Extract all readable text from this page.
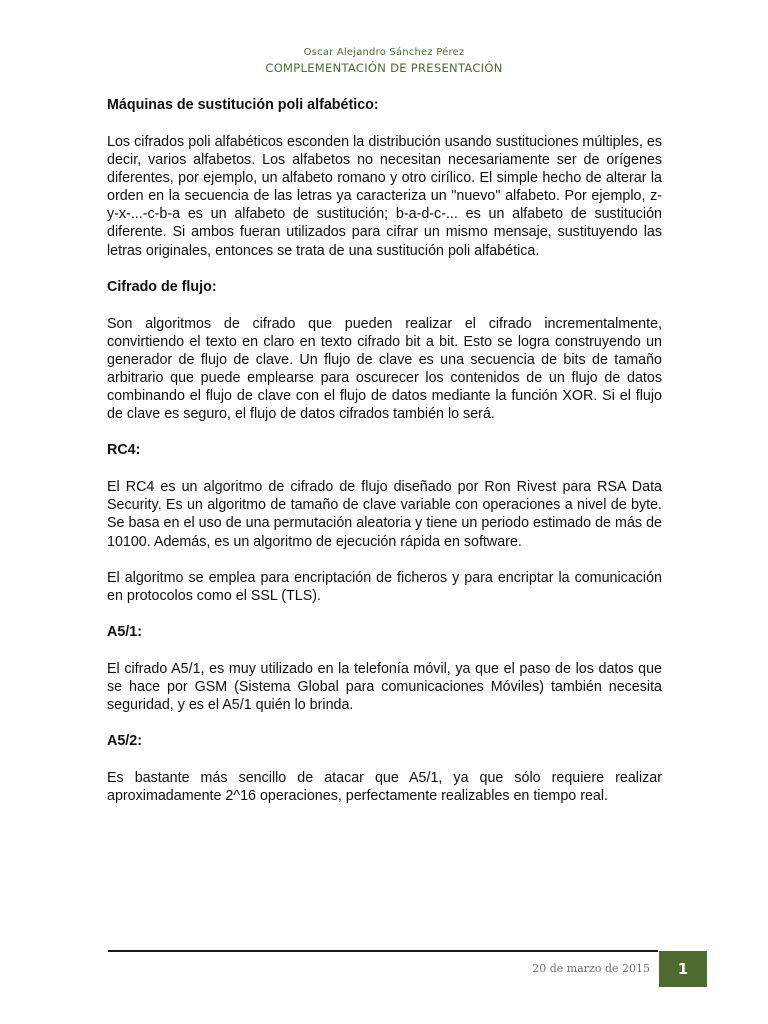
Oscar Alejandro Sánchez Pérez
COMPLEMENTACIÓN DE PRESENTACIÓN

Máquinas de sustitución poli alfabético:

Los cifrados poli alfabéticos esconden la distribución usando sustituciones múltiples, es decir, varios alfabetos. Los alfabetos no necesitan necesariamente ser de orígenes diferentes, por ejemplo, un alfabeto romano y otro cirílico. El simple hecho de alterar la orden en la secuencia de las letras ya caracteriza un "nuevo" alfabeto. Por ejemplo, z-y-x-...-c-b-a es un alfabeto de sustitución; b-a-d-c-... es un alfabeto de sustitución diferente. Si ambos fueran utilizados para cifrar un mismo mensaje, sustituyendo las letras originales, entonces se trata de una sustitución poli alfabética.

Cifrado de flujo:

Son algoritmos de cifrado que pueden realizar el cifrado incrementalmente, convirtiendo el texto en claro en texto cifrado bit a bit. Esto se logra construyendo un generador de flujo de clave. Un flujo de clave es una secuencia de bits de tamaño arbitrario que puede emplearse para oscurecer los contenidos de un flujo de datos combinando el flujo de clave con el flujo de datos mediante la función XOR. Si el flujo de clave es seguro, el flujo de datos cifrados también lo será.

RC4:

El RC4 es un algoritmo de cifrado de flujo diseñado por Ron Rivest para RSA Data Security. Es un algoritmo de tamaño de clave variable con operaciones a nivel de byte. Se basa en el uso de una permutación aleatoria y tiene un periodo estimado de más de 10100. Además, es un algoritmo de ejecución rápida en software.

El algoritmo se emplea para encriptación de ficheros y para encriptar la comunicación en protocolos como el SSL (TLS).

A5/1:

El cifrado A5/1, es muy utilizado en la telefonía móvil, ya que el paso de los datos que se hace por GSM (Sistema Global para comunicaciones Móviles) también necesita seguridad, y es el A5/1 quién lo brinda.

A5/2:

Es bastante más sencillo de atacar que A5/1, ya que sólo requiere realizar aproximadamente 2^16 operaciones, perfectamente realizables en tiempo real.

20 de marzo de 2015 1
